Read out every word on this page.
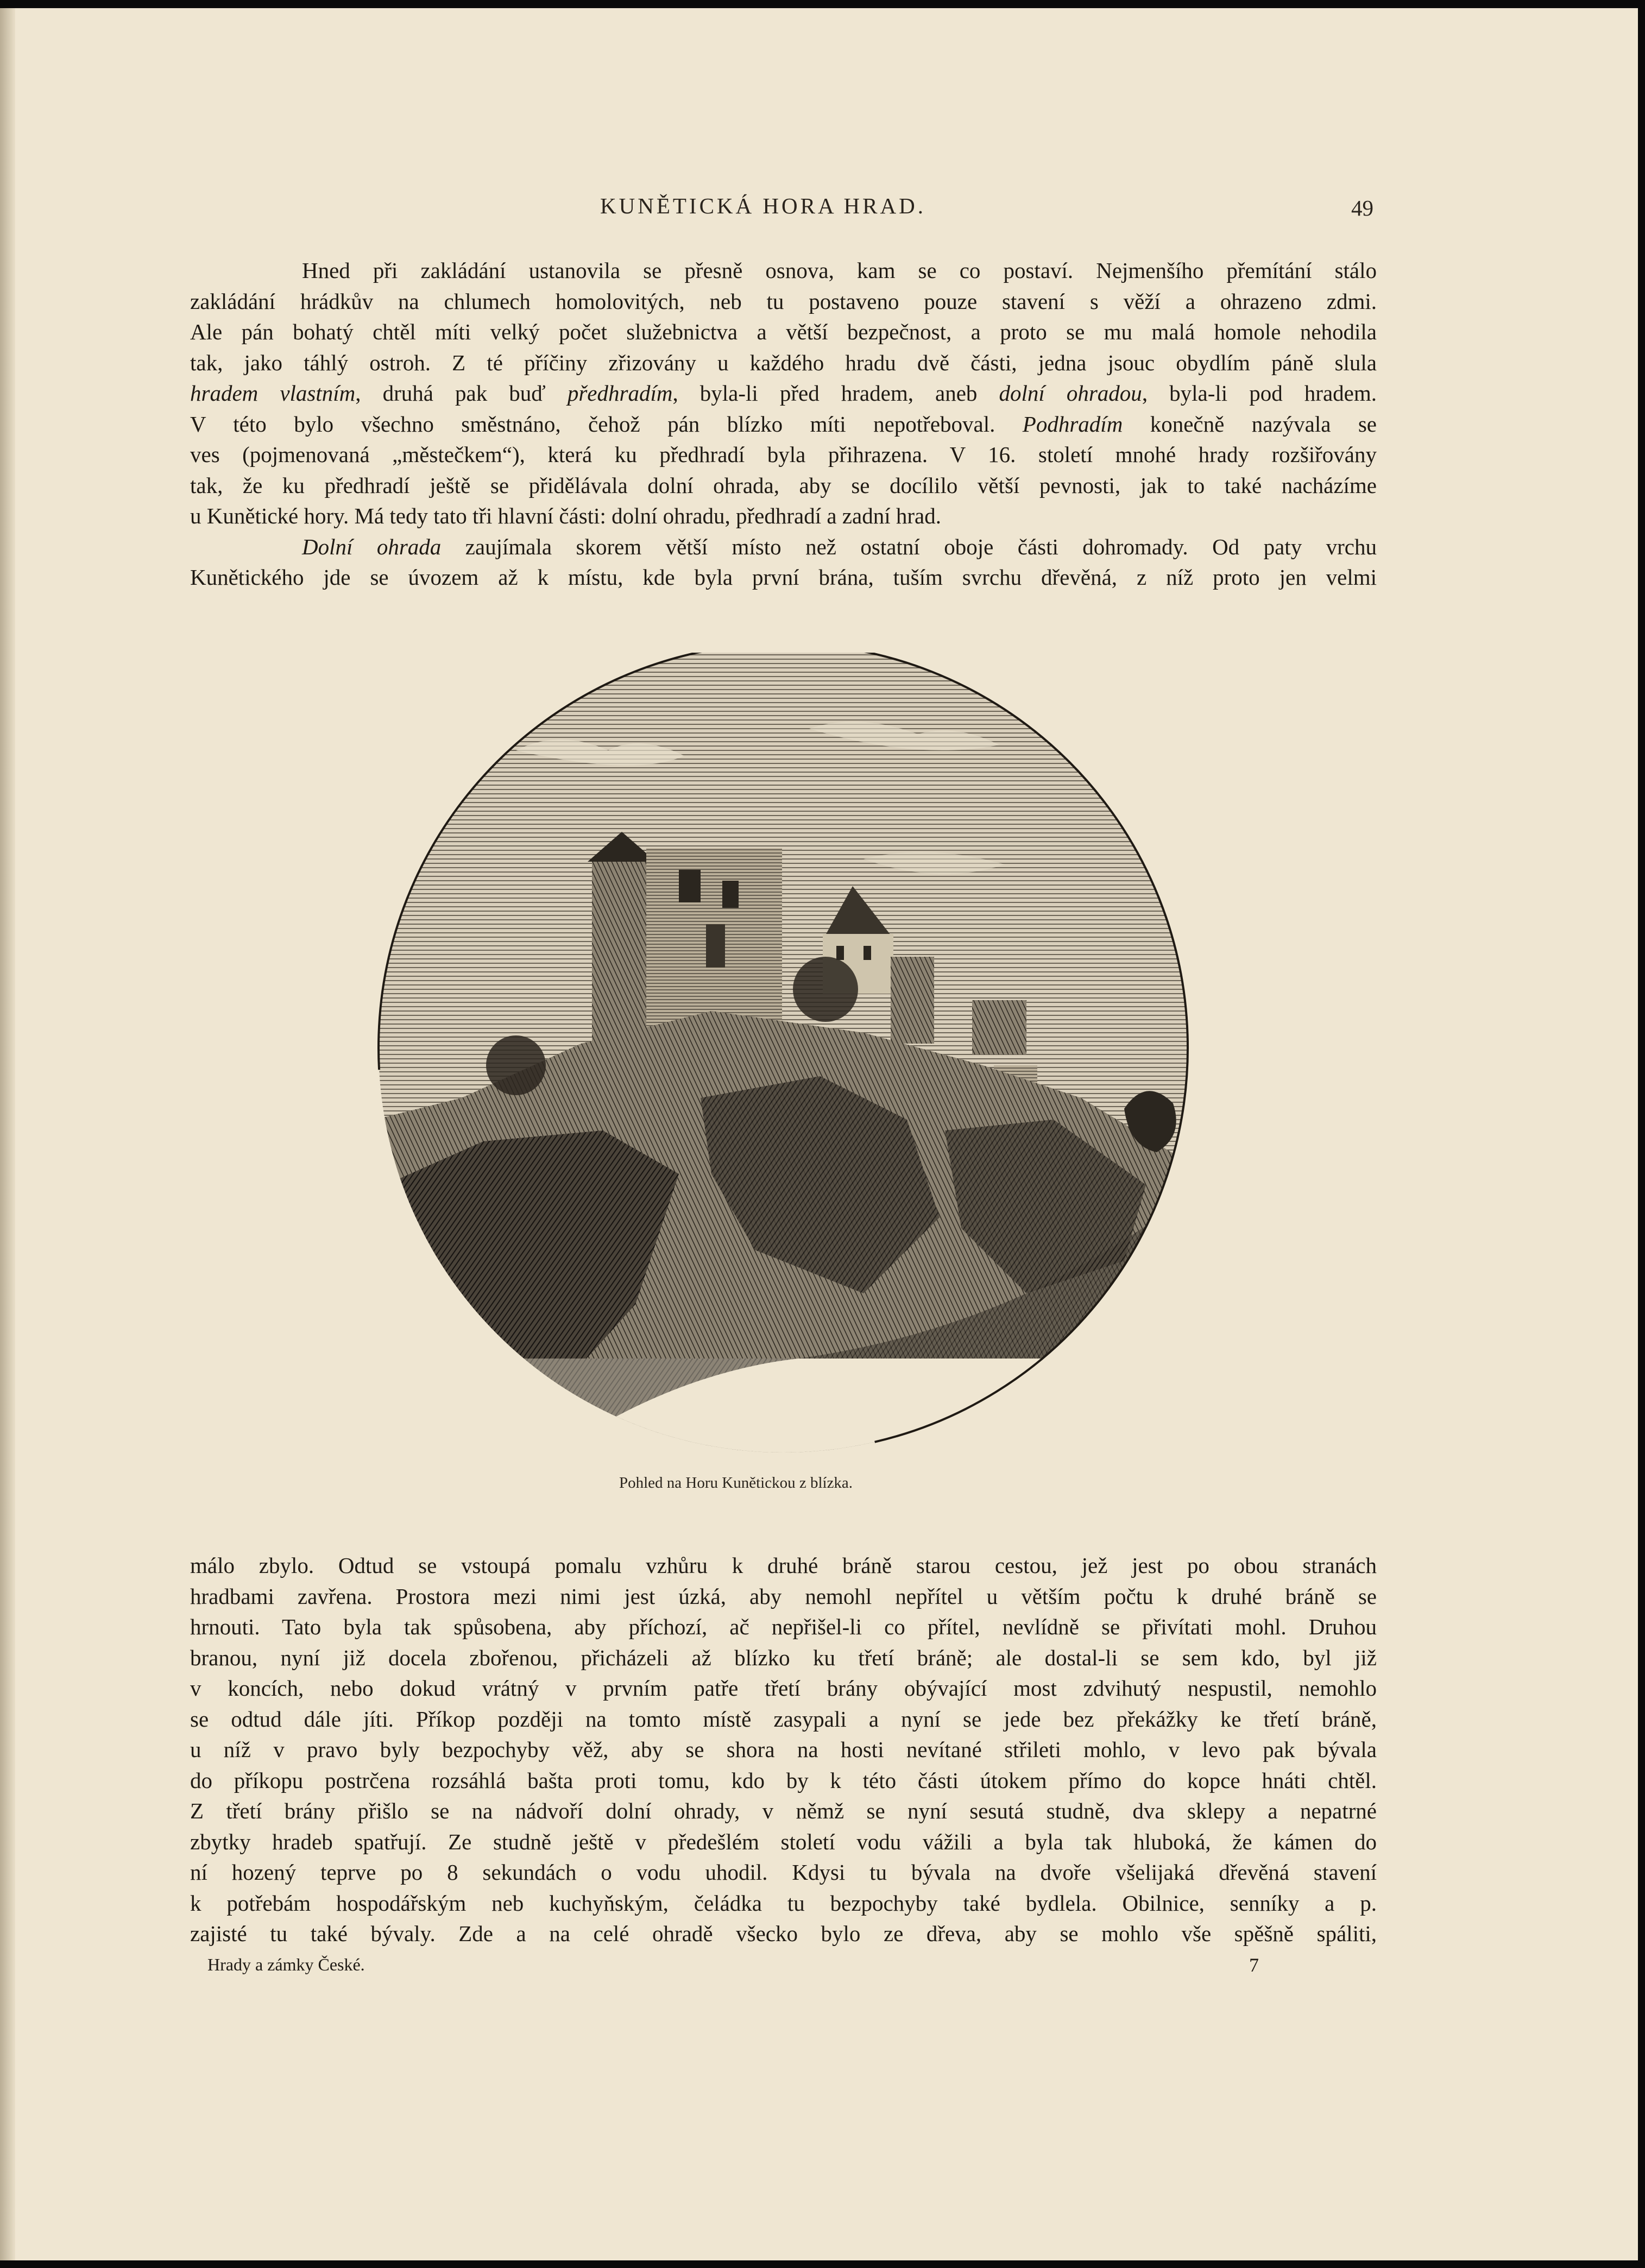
KUNĚTICKÁ HORA HRAD.	49
Hned při zakládání ustanovila se přesně osnova, kam se co postaví. Nejmenšího přemítání stálo
zakládání hrádkův na chlumech homolovitých, neb tu postaveno pouze stavení s věží a ohrazeno zdmi.
Ale pán bohatý chtěl míti velký počet služebnictva a větší bezpečnost, a proto se mu malá homole nehodila
tak, jako táhlý ostroh. Z té příčiny zřizovány u každého hradu dvě části, jedna jsouc obydlím páně slula
hradem vlastním, druhá pak buď předhradím, byla-li před hradem, aneb dolní ohradou, byla-li pod hradem.
V této bylo všechno směstnáno, čehož pán blízko míti nepotřeboval. Podhradím konečně nazývala se
ves (pojmenovaná „městečkem“), která ku předhradí byla přihrazena. V 16. století mnohé hrady rozšiřovány
tak, že ku předhradí ještě se přidělávala dolní ohrada, aby se docílilo větší pevnosti, jak to také nacházíme
u Kunětické hory. Má tedy tato tři hlavní části: dolní ohradu, předhradí a zadní hrad.
Dolní ohrada zaujímala skorem větší místo než ostatní oboje části dohromady. Od paty vrchu
Kunětického jde se úvozem až k místu, kde byla první brána, tuším svrchu dřevěná, z níž proto jen velmi
Pohled na Horu Kunětickou z blízka.
málo zbylo. Odtud se vstoupá pomalu vzhůru k druhé bráně starou cestou, jež jest po obou stranách
hradbami zavřena. Prostora mezi nimi jest úzká, aby nemohl nepřítel u větším počtu k druhé bráně se
hrnouti. Tato byla tak spůsobena, aby příchozí, ač nepřišel-li co přítel, nevlídně se přivítati mohl. Druhou
branou, nyní již docela zbořenou, přicházeli až blízko ku třetí bráně; ale dostal-li se sem kdo, byl již
v koncích, nebo dokud vrátný v prvním patře třetí brány obývající most zdvihutý nespustil, nemohlo
se odtud dále jíti. Příkop později na tomto místě zasypali a nyní se jede bez překážky ke třetí bráně,
u níž v pravo byly bezpochyby věž, aby se shora na hosti nevítané střileti mohlo, v levo pak bývala
do příkopu postrčena rozsáhlá bašta proti tomu, kdo by k této části útokem přímo do kopce hnáti chtěl.
Z třetí brány přišlo se na nádvoří dolní ohrady, v němž se nyní sesutá studně, dva sklepy a nepatrné
zbytky hradeb spatřují. Ze studně ještě v předešlém století vodu vážili a byla tak hluboká, že kámen do
ní hozený teprve po 8 sekundách o vodu uhodil. Kdysi tu bývala na dvoře všelijaká dřevěná stavení
k potřebám hospodářským neb kuchyňským, čeládka tu bezpochyby také bydlela. Obilnice, senníky a p.
zajisté tu také bývaly. Zde a na celé ohradě všecko bylo ze dřeva, aby se mohlo vše spěšně spáliti,
Hrady a zámky České.	7
